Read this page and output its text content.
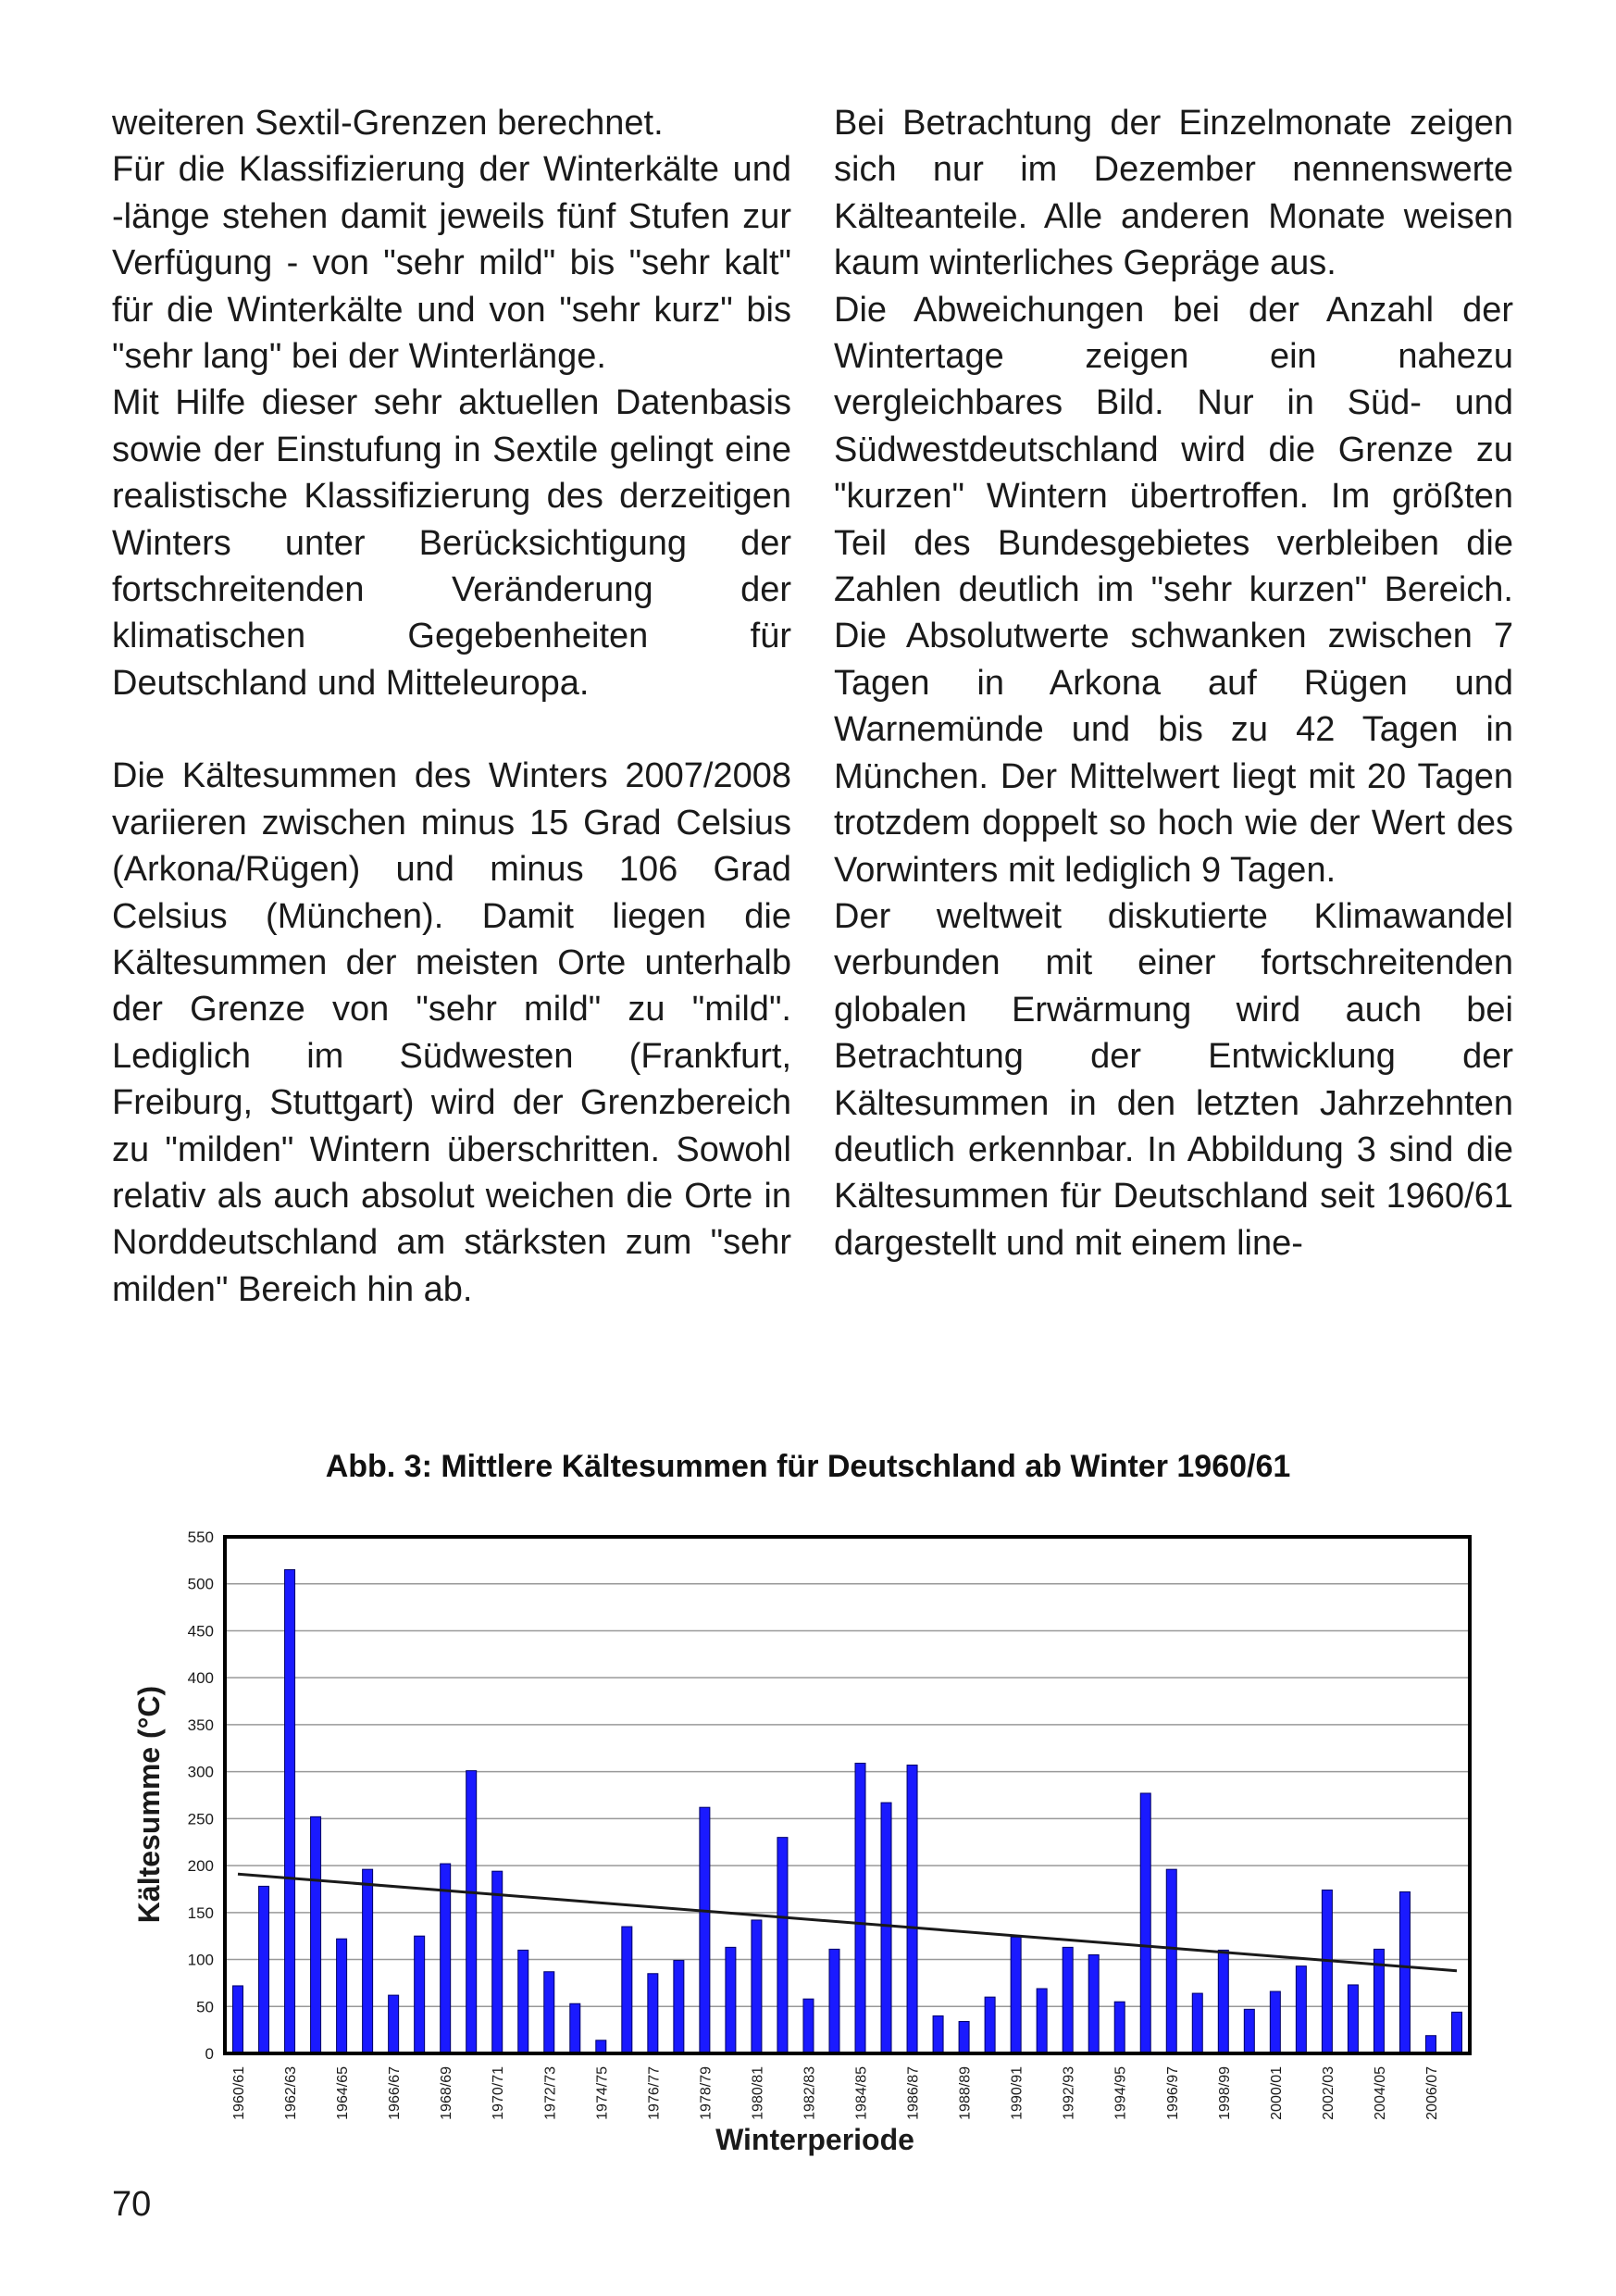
weiteren Sextil-Grenzen berechnet.

Für die Klassifizierung der Winterkälte und -länge stehen damit jeweils fünf Stufen zur Verfügung - von "sehr mild" bis "sehr kalt" für die Winterkälte und von "sehr kurz" bis "sehr lang" bei der Winterlänge.

Mit Hilfe dieser sehr aktuellen Datenbasis sowie der Einstufung in Sextile gelingt eine realistische Klassifizierung des derzeitigen Winters unter Berücksichtigung der fortschreitenden Veränderung der klimatischen Gegebenheiten für Deutschland und Mitteleuropa.

Die Kältesummen des Winters 2007/2008 variieren zwischen minus 15 Grad Celsius (Arkona/Rügen) und minus 106 Grad Celsius (München). Damit liegen die Kältesummen der meisten Orte unterhalb der Grenze von "sehr mild" zu "mild". Lediglich im Südwesten (Frankfurt, Freiburg, Stuttgart) wird der Grenzbereich zu "milden" Wintern überschritten. Sowohl relativ als auch absolut weichen die Orte in Norddeutschland am stärksten zum "sehr milden" Bereich hin ab.

Bei Betrachtung der Einzelmonate zeigen sich nur im Dezember nennenswerte Kälteanteile. Alle anderen Monate weisen kaum winterliches Gepräge aus.

Die Abweichungen bei der Anzahl der Wintertage zeigen ein nahezu vergleichbares Bild. Nur in Süd- und Südwestdeutschland wird die Grenze zu "kurzen" Wintern übertroffen. Im größten Teil des Bundesgebietes verbleiben die Zahlen deutlich im "sehr kurzen" Bereich. Die Absolutwerte schwanken zwischen 7 Tagen in Arkona auf Rügen und Warnemünde und bis zu 42 Tagen in München. Der Mittelwert liegt mit 20 Tagen trotzdem doppelt so hoch wie der Wert des Vorwinters mit lediglich 9 Tagen.

Der weltweit diskutierte Klimawandel verbunden mit einer fortschreitenden globalen Erwärmung wird auch bei Betrachtung der Entwicklung der Kältesummen in den letzten Jahrzehnten deutlich erkennbar. In Abbildung 3 sind die Kältesummen für Deutschland seit 1960/61 dargestellt und mit einem line-

Abb. 3: Mittlere Kältesummen für Deutschland ab Winter 1960/61
0
50
100
150
200
250
300
350
400
450
500
550
1960/61 1962/63 1964/65 1966/67 1968/69 1970/71 1972/73 1974/75 1976/77 1978/79 1980/81 1982/83 1984/85 1986/87 1988/89 1990/91 1992/93 1994/95 1996/97 1998/99 2000/01 2002/03 2004/05 2006/07
Kältesumme (°C)
Winterperiode
70
